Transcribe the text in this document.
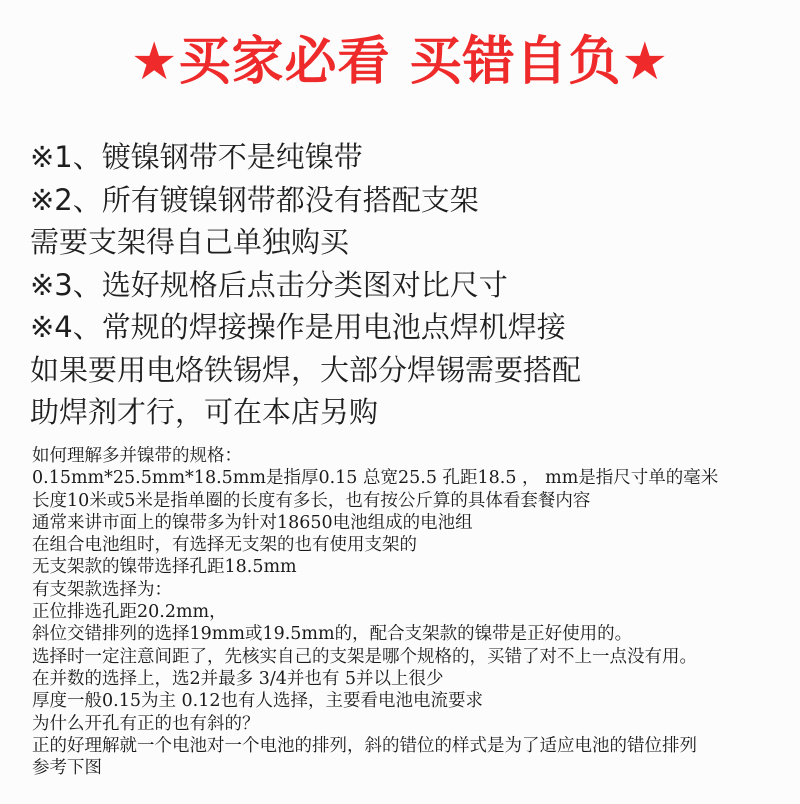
★买家必看 买错自负★
※1、镀镍钢带不是纯镍带
※2、所有镀镍钢带都没有搭配支架
需要支架得自己单独购买
※3、选好规格后点击分类图对比尺寸
※4、常规的焊接操作是用电池点焊机焊接
如果要用电烙铁锡焊，大部分焊锡需要搭配
助焊剂才行，可在本店另购
如何理解多并镍带的规格：
0.15mm*25.5mm*18.5mm是指厚0.15 总宽25.5 孔距18.5 ， mm是指尺寸单的毫米
长度10米或5米是指单圈的长度有多长，也有按公斤算的具体看套餐内容
通常来讲市面上的镍带多为针对18650电池组成的电池组
在组合电池组时，有选择无支架的也有使用支架的
无支架款的镍带选择孔距18.5mm
有支架款选择为：
正位排选孔距20.2mm，
斜位交错排列的选择19mm或19.5mm的，配合支架款的镍带是正好使用的。
选择时一定注意间距了，先核实自己的支架是哪个规格的，买错了对不上一点没有用。
在并数的选择上，选2并最多 3/4并也有 5并以上很少
厚度一般0.15为主 0.12也有人选择，主要看电池电流要求
为什么开孔有正的也有斜的？
正的好理解就一个电池对一个电池的排列，斜的错位的样式是为了适应电池的错位排列
参考下图
